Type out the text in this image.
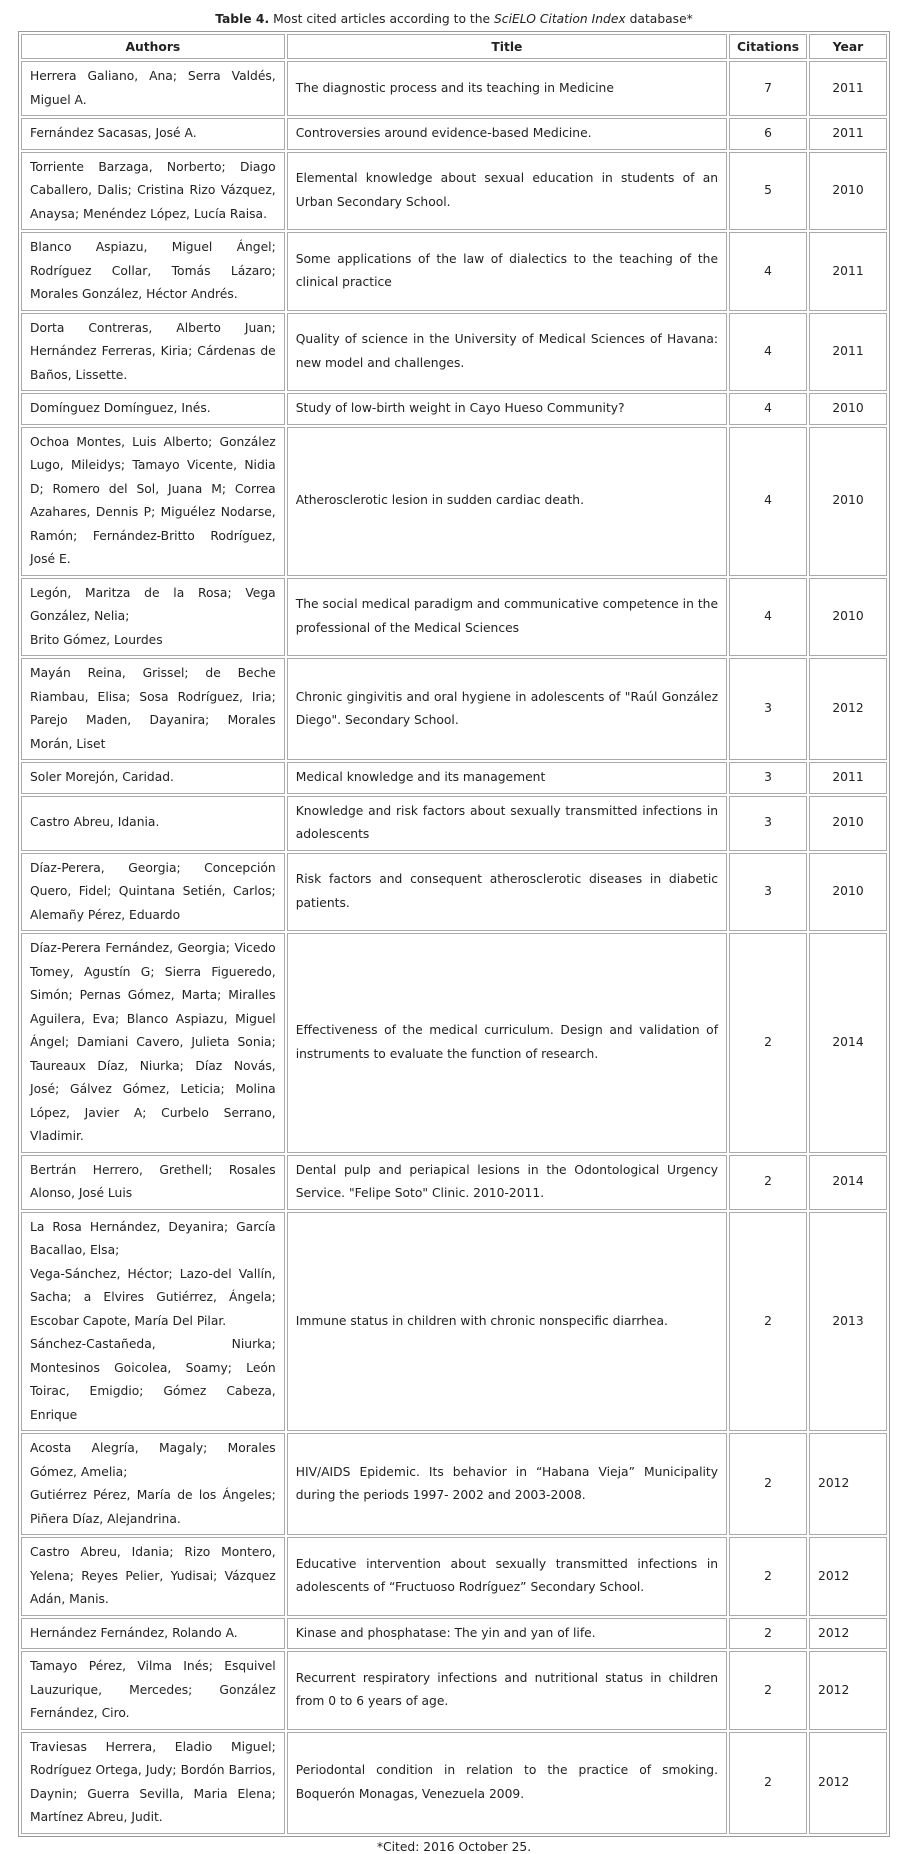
Table 4. Most cited articles according to the SciELO Citation Index database*
Authors	Title	Citations	Year

Herrera Galiano, Ana; Serra Valdés, Miguel A.	The diagnostic process and its teaching in Medicine	7	2011

Fernández Sacasas, José A.	Controversies around evidence-based Medicine.	6	2011

Torriente Barzaga, Norberto; Diago Caballero, Dalis; Cristina Rizo Vázquez, Anaysa; Menéndez López, Lucía Raisa.	Elemental knowledge about sexual education in students of an Urban Secondary School.	5	2010

Blanco Aspiazu, Miguel Ángel; Rodríguez Collar, Tomás Lázaro; Morales González, Héctor Andrés.	Some applications of the law of dialectics to the teaching of the clinical practice	4	2011

Dorta Contreras, Alberto Juan; Hernández Ferreras, Kiria; Cárdenas de Baños, Lissette.	Quality of science in the University of Medical Sciences of Havana: new model and challenges.	4	2011

Domínguez Domínguez, Inés.	Study of low-birth weight in Cayo Hueso Community?	4	2010

Ochoa Montes, Luis Alberto; González Lugo, Mileidys; Tamayo Vicente, Nidia D; Romero del Sol, Juana M; Correa Azahares, Dennis P; Miguélez Nodarse, Ramón; Fernández-Britto Rodríguez, José E.	Atherosclerotic lesion in sudden cardiac death.	4	2010

Legón, Maritza de la Rosa; Vega González, Nelia;
Brito Gómez, Lourdes	The social medical paradigm and communicative competence in the professional of the Medical Sciences	4	2010

Mayán Reina, Grissel; de Beche Riambau, Elisa; Sosa Rodríguez, Iria; Parejo Maden, Dayanira; Morales Morán, Liset	Chronic gingivitis and oral hygiene in adolescents of "Raúl González Diego". Secondary School.	3	2012

Soler Morejón, Caridad.	Medical knowledge and its management	3	2011

Castro Abreu, Idania.	Knowledge and risk factors about sexually transmitted infections in adolescents	3	2010

Díaz-Perera, Georgia; Concepción Quero, Fidel; Quintana Setién, Carlos; Alemañy Pérez, Eduardo	Risk factors and consequent atherosclerotic diseases in diabetic patients.	3	2010

Díaz-Perera Fernández, Georgia; Vicedo Tomey, Agustín G; Sierra Figueredo, Simón; Pernas Gómez, Marta; Miralles Aguilera, Eva; Blanco Aspiazu, Miguel Ángel; Damiani Cavero, Julieta Sonia; Taureaux Díaz, Niurka; Díaz Novás, José; Gálvez Gómez, Leticia; Molina López, Javier A; Curbelo Serrano, Vladimir.	Effectiveness of the medical curriculum. Design and validation of instruments to evaluate the function of research.	2	2014

Bertrán Herrero, Grethell; Rosales Alonso, José Luis	Dental pulp and periapical lesions in the Odontological Urgency Service. "Felipe Soto" Clinic. 2010-2011.	2	2014

La Rosa Hernández, Deyanira; García Bacallao, Elsa;
Vega-Sánchez, Héctor; Lazo-del Vallín, Sacha; a Elvires Gutiérrez, Ángela; Escobar Capote, María Del Pilar.
Sánchez-Castañeda, Niurka; Montesinos Goicolea, Soamy; León Toirac, Emigdio; Gómez Cabeza, Enrique	Immune status in children with chronic nonspecific diarrhea.	2	2013

Acosta Alegría, Magaly; Morales Gómez, Amelia;
Gutiérrez Pérez, María de los Ángeles; Piñera Díaz, Alejandrina.	HIV/AIDS Epidemic. Its behavior in “Habana Vieja” Municipality during the periods 1997- 2002 and 2003-2008.	2	2012

Castro Abreu, Idania; Rizo Montero, Yelena; Reyes Pelier, Yudisai; Vázquez Adán, Manis.	Educative intervention about sexually transmitted infections in adolescents of “Fructuoso Rodríguez” Secondary School.	2	2012

Hernández Fernández, Rolando A.	Kinase and phosphatase: The yin and yan of life.	2	2012

Tamayo Pérez, Vilma Inés; Esquivel Lauzurique, Mercedes; González Fernández, Ciro.	Recurrent respiratory infections and nutritional status in children from 0 to 6 years of age.	2	2012

Traviesas Herrera, Eladio Miguel; Rodríguez Ortega, Judy; Bordón Barrios, Daynin; Guerra Sevilla, Maria Elena; Martínez Abreu, Judit.	Periodontal condition in relation to the practice of smoking. Boquerón Monagas, Venezuela 2009.	2	2012
*Cited: 2016 October 25.
